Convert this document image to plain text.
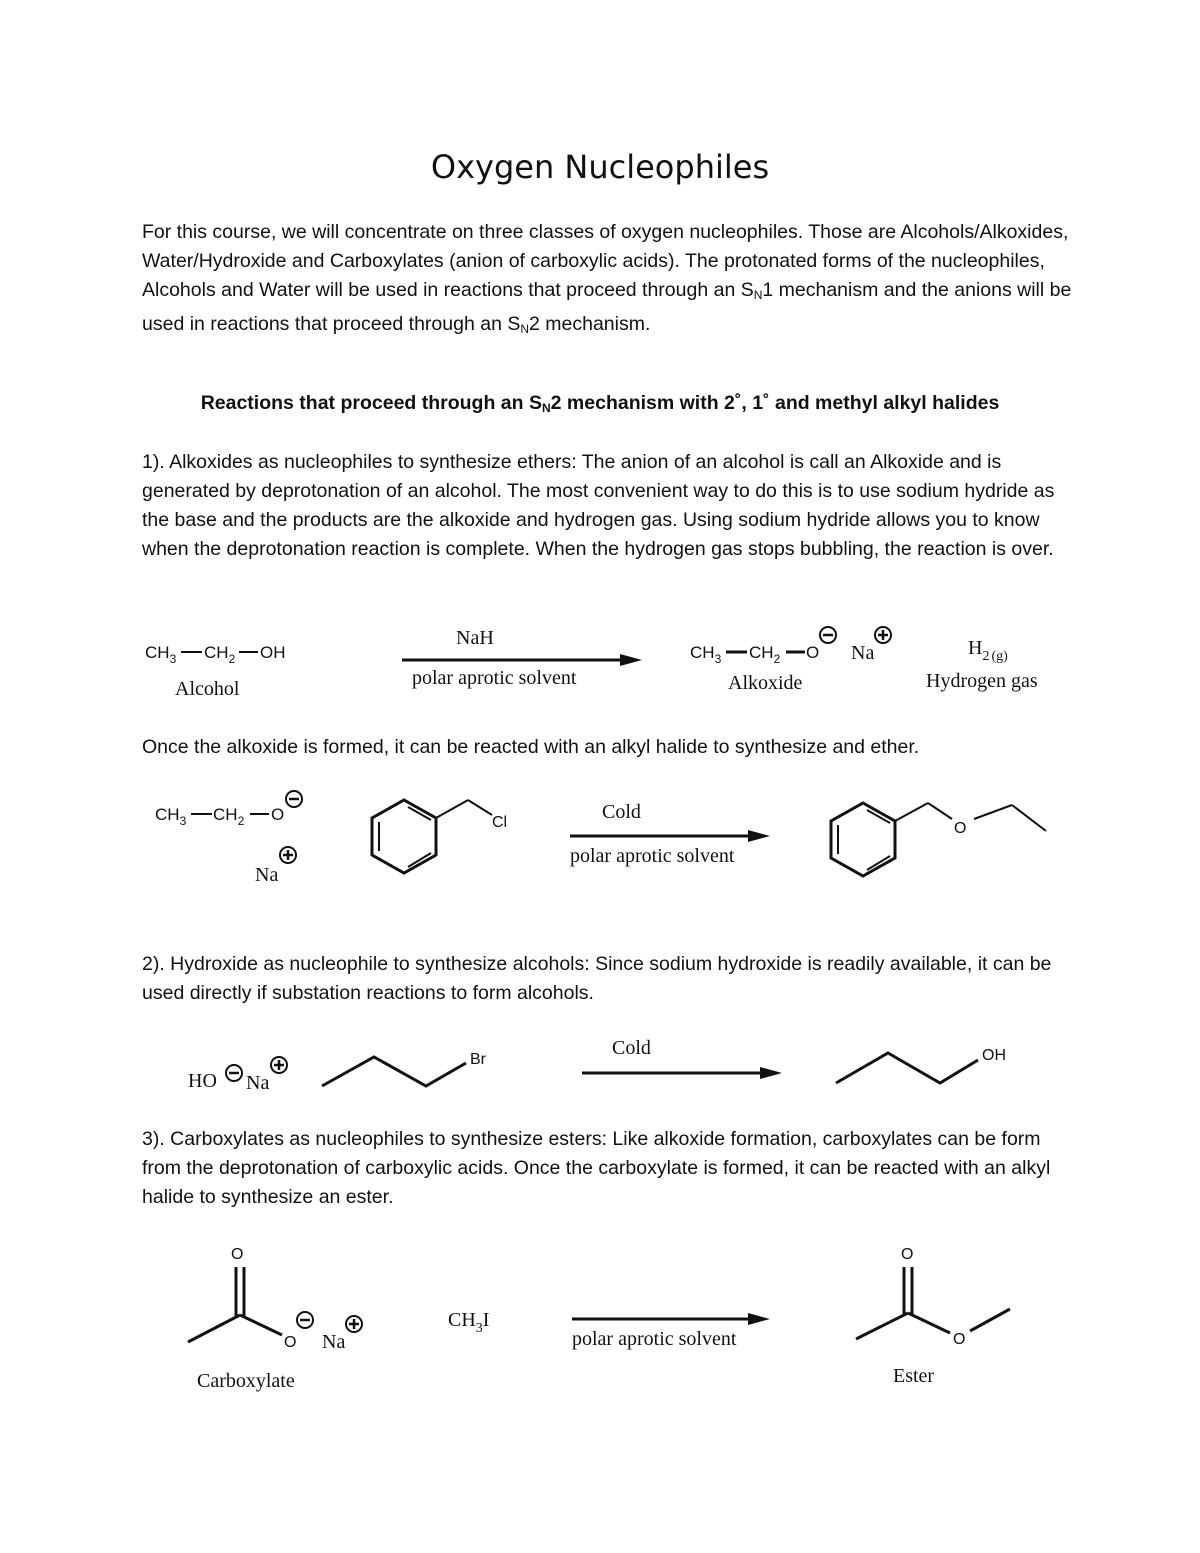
Oxygen Nucleophiles
For this course, we will concentrate on three classes of oxygen nucleophiles. Those are Alcohols/Alkoxides, Water/Hydroxide and Carboxylates (anion of carboxylic acids). The protonated forms of the nucleophiles, Alcohols and Water will be used in reactions that proceed through an $S_N1$ mechanism and the anions will be used in reactions that proceed through an $S_N2$ mechanism.
Reactions that proceed through an $S_N2$ mechanism with 2˚, 1˚ and methyl alkyl halides
1). Alkoxides as nucleophiles to synthesize ethers: The anion of an alcohol is call an Alkoxide and is generated by deprotonation of an alcohol. The most convenient way to do this is to use sodium hydride as the base and the products are the alkoxide and hydrogen gas. Using sodium hydride allows you to know when the deprotonation reaction is complete. When the hydrogen gas stops bubbling, the reaction is over.
$CH_3$ $CH_2$ OH
Alcohol
NaH
polar aprotic solvent
$CH_3$ $CH_2$ O Na
Alkoxide
$H_2$ (g)
Hydrogen gas
Once the alkoxide is formed, it can be reacted with an alkyl halide to synthesize and ether.
$CH_3$ $CH_2$ O
Na
Cl	Cold
polar aprotic solvent
O
2). Hydroxide as nucleophile to synthesize alcohols: Since sodium hydroxide is readily available, it can be used directly if substation reactions to form alcohols.
HO Na
Br
Cold	OH
3). Carboxylates as nucleophiles to synthesize esters: Like alkoxide formation, carboxylates can be form from the deprotonation of carboxylic acids. Once the carboxylate is formed, it can be reacted with an alkyl halide to synthesize an ester.
O
O Na
Carboxylate
$CH_3I$
polar aprotic solvent
O
O
Ester
